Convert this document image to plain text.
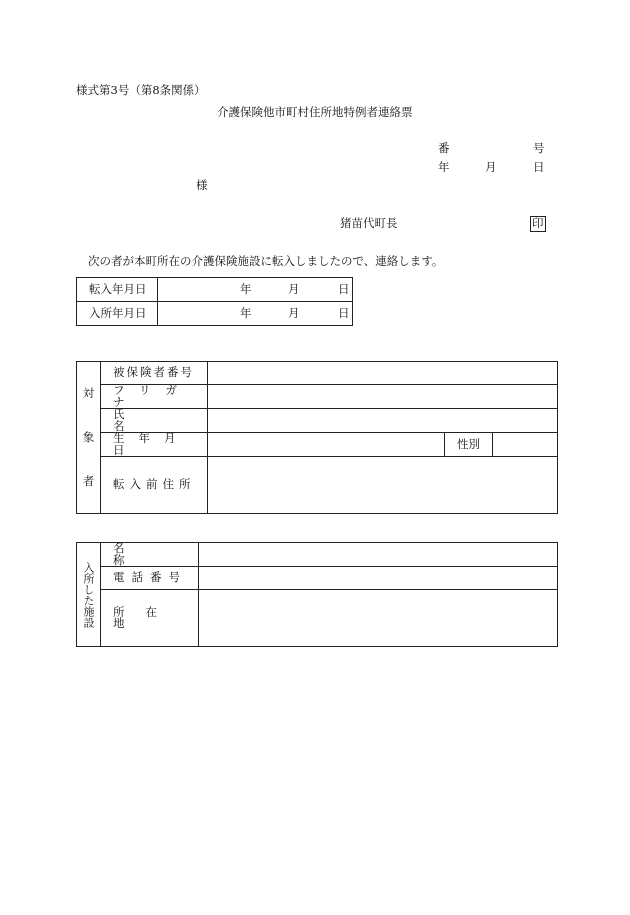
様式第3号（第8条関係）
介護保険他市町村住所地特例者連絡票
番	号
年	月	日
様
猪苗代町長	印
次の者が本町所在の介護保険施設に転入しましたので、連絡します。
転入年月日	年 月 日

入所年月日	年 月 日
対
象
者	被保険者番号			
	フリガナ			
	氏名			
	生年月日		性別	
	転入前住所			
入所した施設	名称	
	電話番号	
	所在地	
